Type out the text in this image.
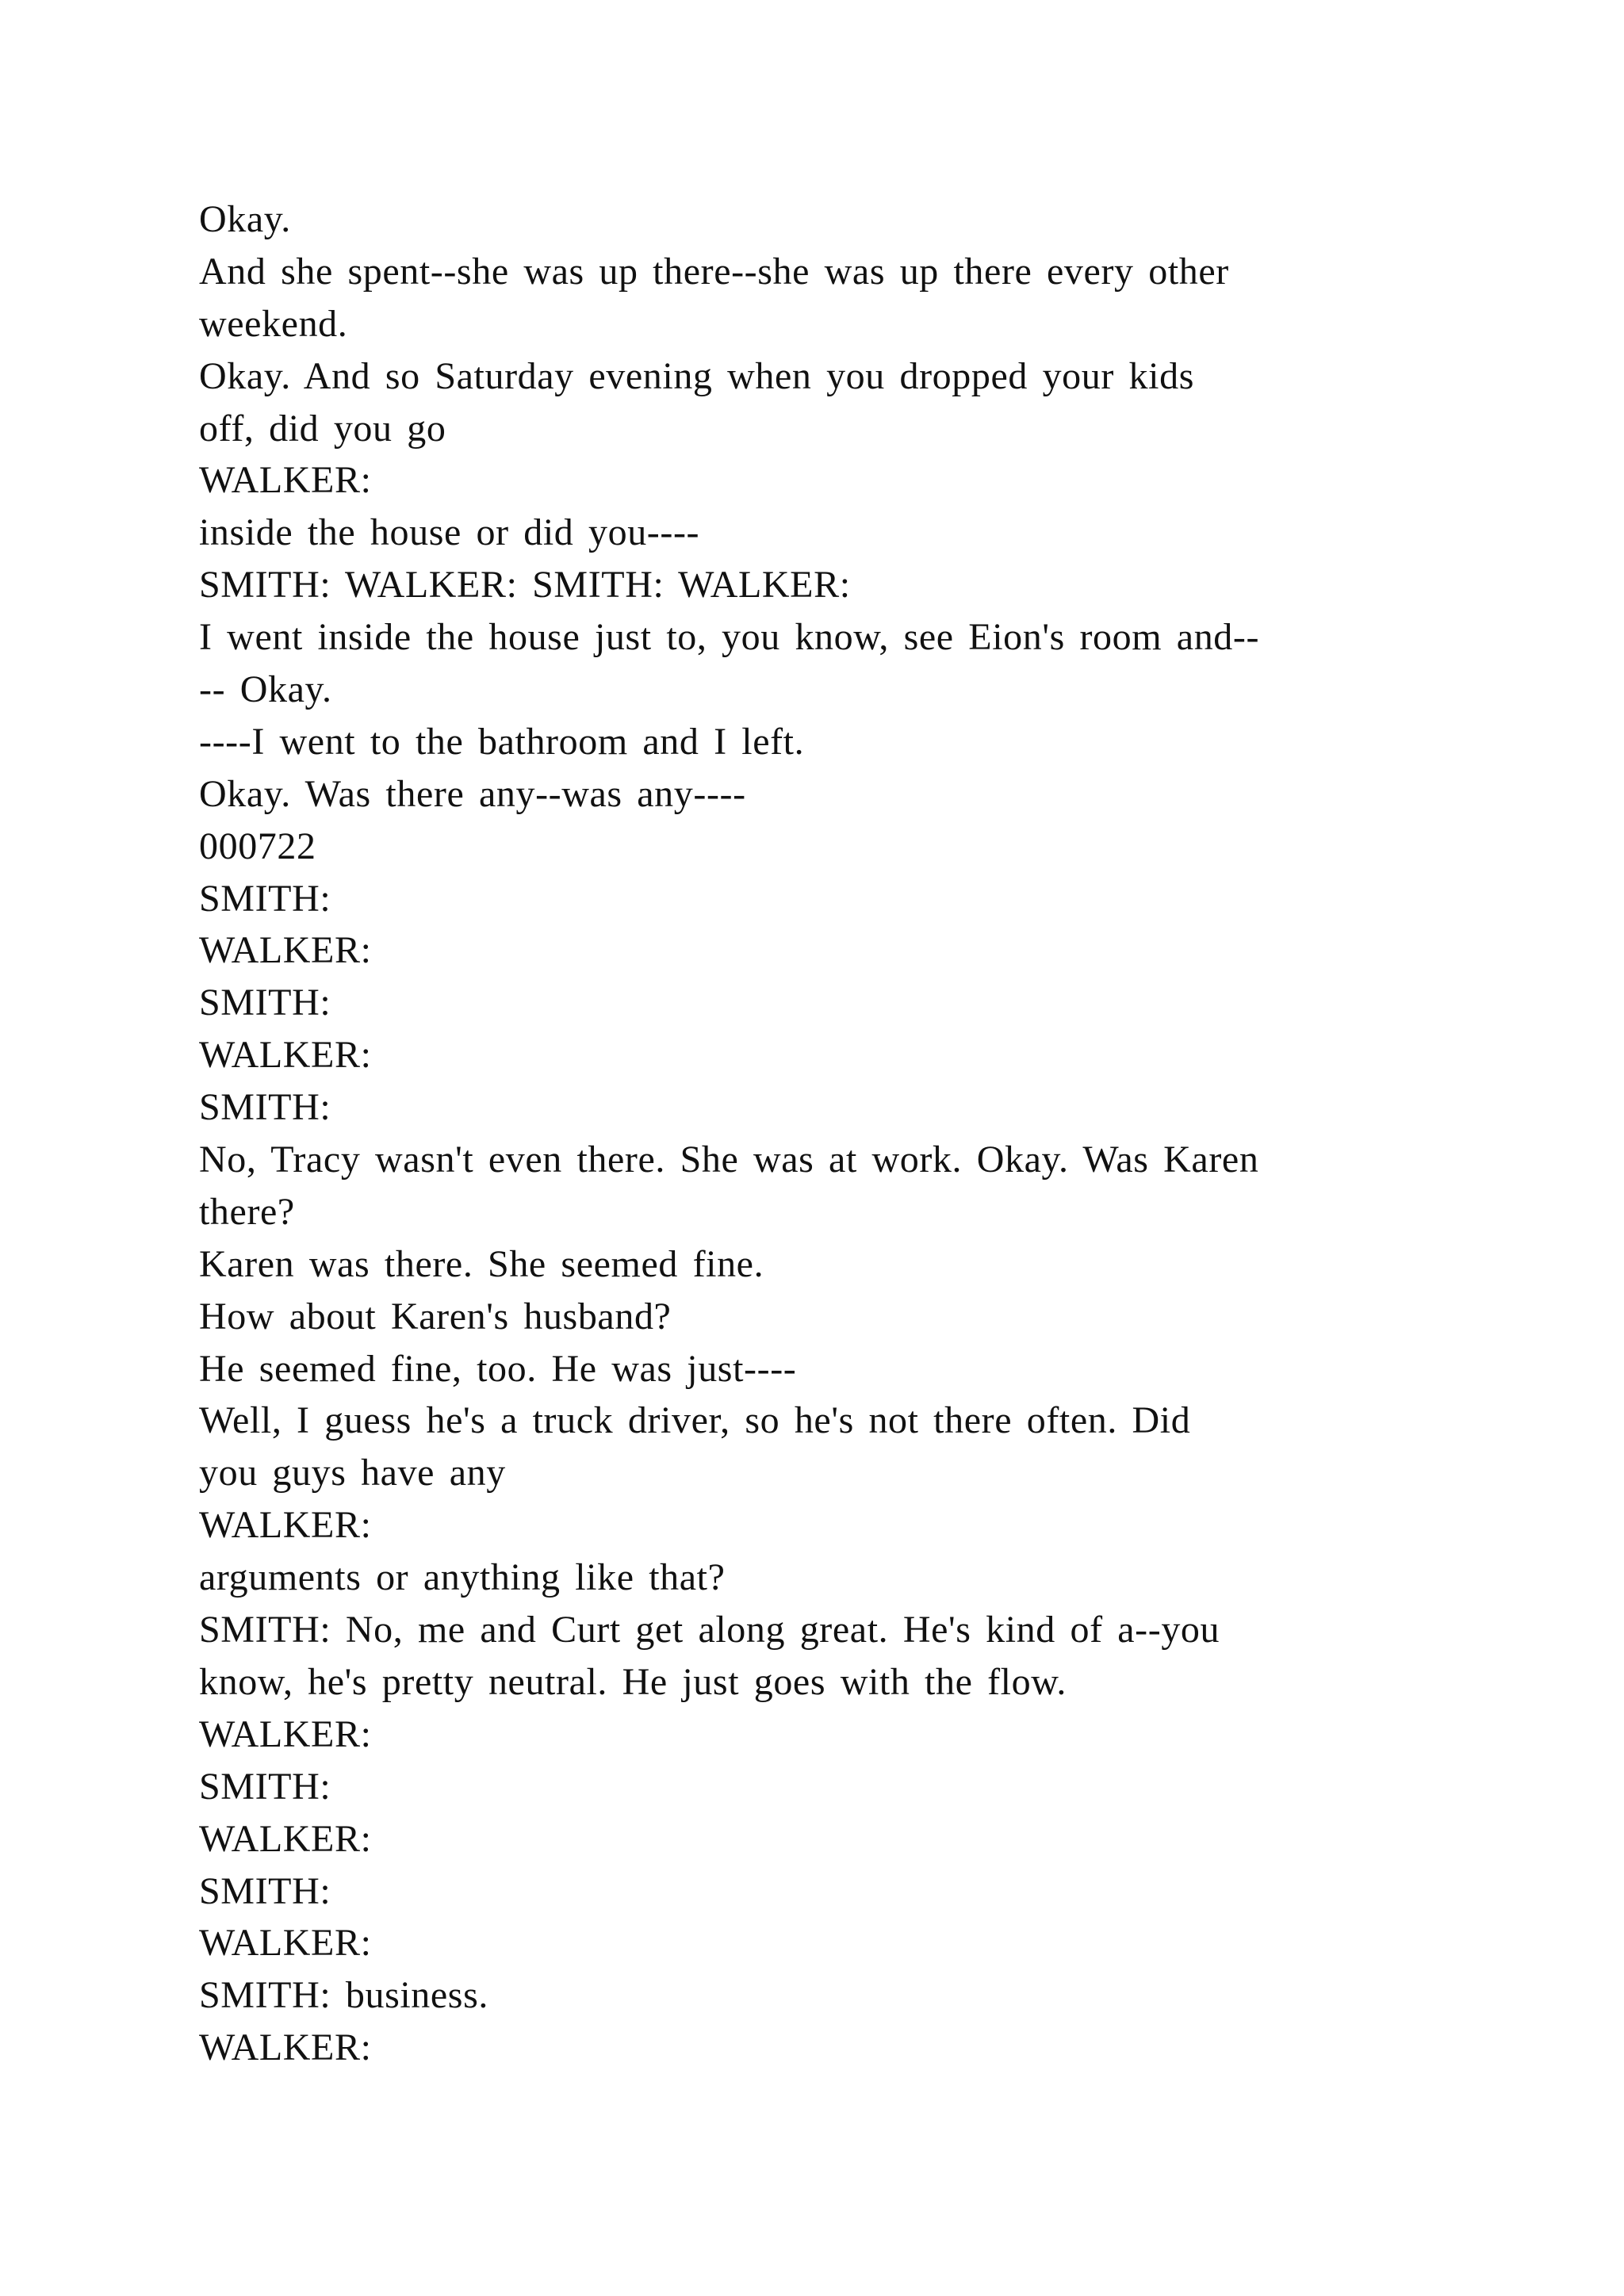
Okay.
And she spent--she was up there--she was up there every other
weekend.
Okay. And so Saturday evening when you dropped your kids
off, did you go
WALKER:
inside the house or did you----
SMITH: WALKER: SMITH: WALKER:
I went inside the house just to, you know, see Eion's room and--
-- Okay.
----I went to the bathroom and I left.
Okay. Was there any--was any----
000722
SMITH:
WALKER:
SMITH:
WALKER:
SMITH:
No, Tracy wasn't even there. She was at work. Okay. Was Karen
there?
Karen was there. She seemed fine.
How about Karen's husband?
He seemed fine, too. He was just----
Well, I guess he's a truck driver, so he's not there often. Did
you guys have any
WALKER:
arguments or anything like that?
SMITH: No, me and Curt get along great. He's kind of a--you
know, he's pretty neutral. He just goes with the flow.
WALKER:
SMITH:
WALKER:
SMITH:
WALKER:
SMITH: business.
WALKER:
